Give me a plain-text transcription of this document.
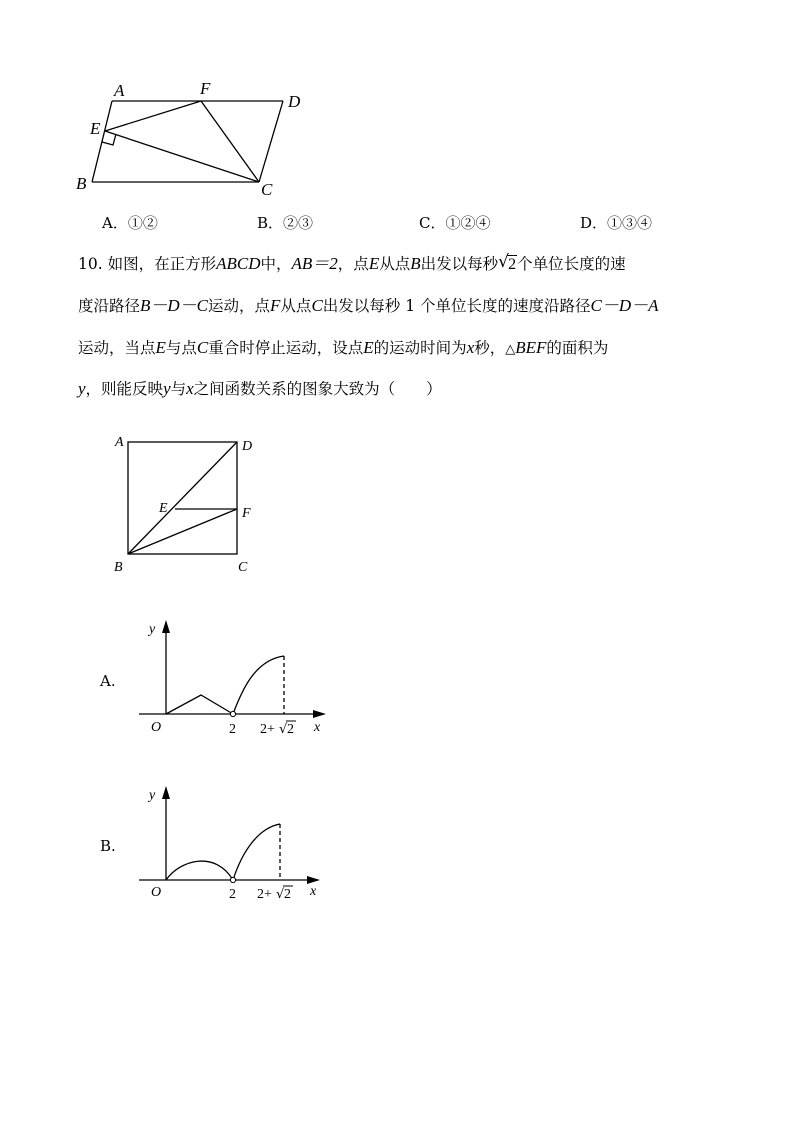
A	F
D
E
B	C
A．①②	B．②③	C．①②④	D．①③④
10. 如图，在正方形ABCD中，AB＝2，点E从点B出发以每秒 √ 2个单位长度的速
度沿路径B－D－C运动，点F从点C出发以每秒 1 个单位长度的速度沿路径C－D－A
运动，当点E与点C重合时停止运动，设点E的运动时间为x秒，△BEF的面积为
y，则能反映y与x之间函数关系的图象大致为（　　）
A	D
E	F
B	C
A.
y
x
O	2 2+ √ 2
B.
y
x
O	2 2+ √ 2
